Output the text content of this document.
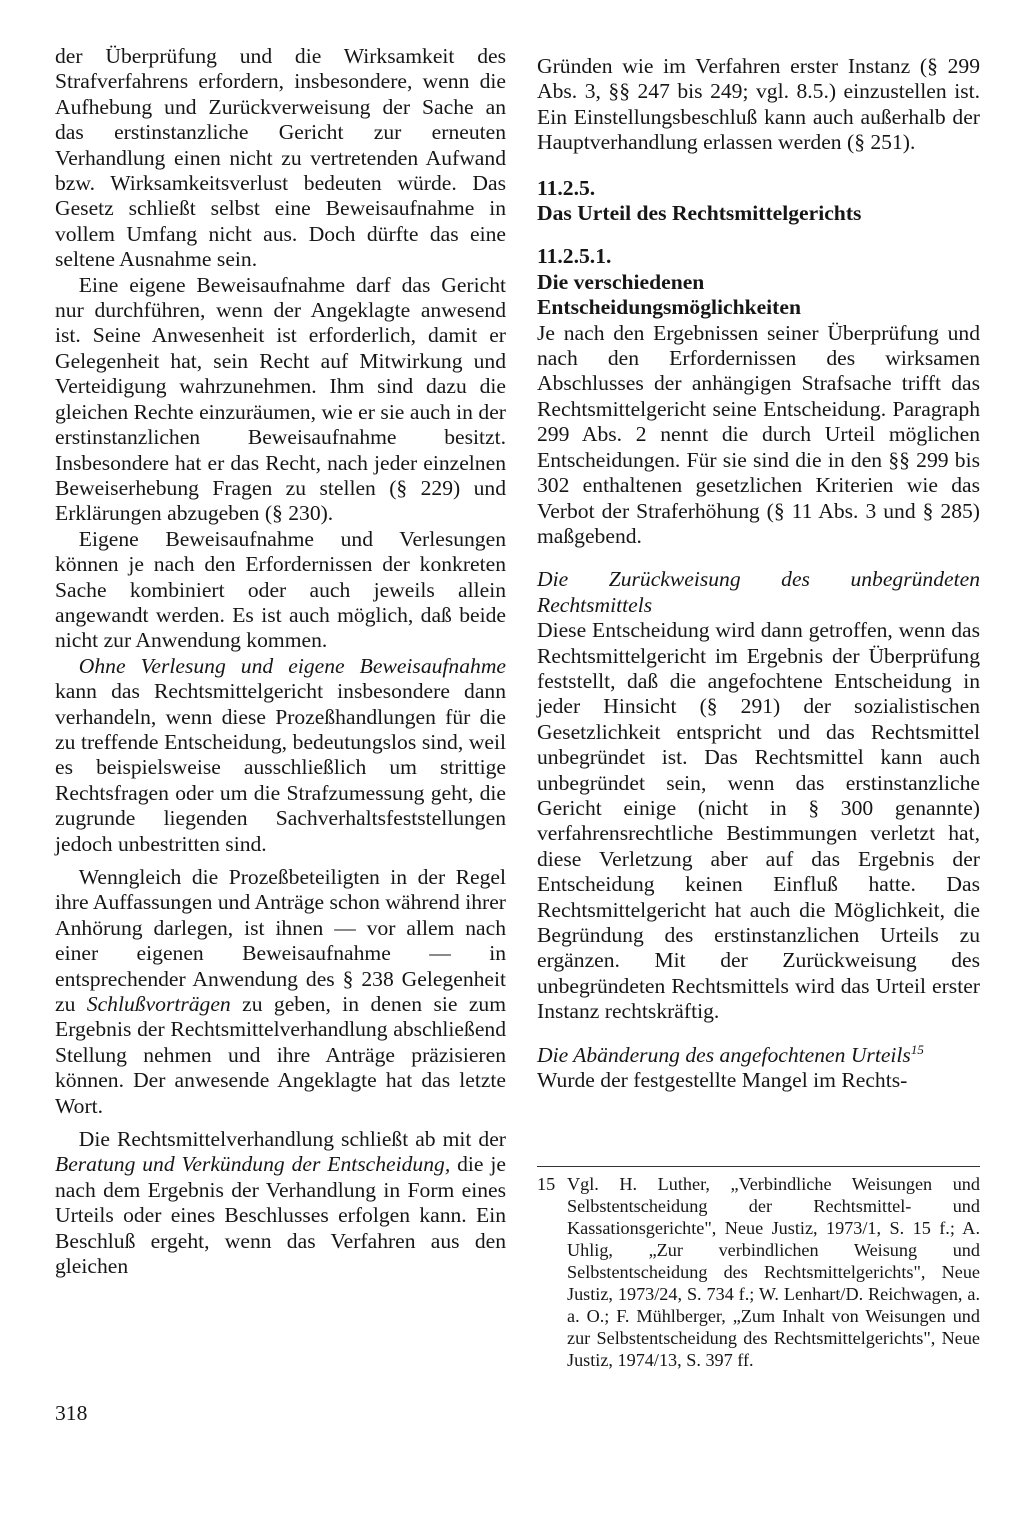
der Überprüfung und die Wirksamkeit des Strafverfahrens erfordern, insbesondere, wenn die Aufhebung und Zurückverweisung der Sache an das erstinstanzliche Gericht zur erneuten Verhandlung einen nicht zu vertretenden Aufwand bzw. Wirksamkeitsverlust bedeuten würde. Das Gesetz schließt selbst eine Beweisaufnahme in vollem Umfang nicht aus. Doch dürfte das eine seltene Ausnahme sein.

Eine eigene Beweisaufnahme darf das Gericht nur durchführen, wenn der Angeklagte anwesend ist. Seine Anwesenheit ist erforderlich, damit er Gelegenheit hat, sein Recht auf Mitwirkung und Verteidigung wahrzunehmen. Ihm sind dazu die gleichen Rechte einzuräumen, wie er sie auch in der erstinstanzlichen Beweisaufnahme besitzt. Insbesondere hat er das Recht, nach jeder einzelnen Beweiserhebung Fragen zu stellen (§ 229) und Erklärungen abzugeben (§ 230).

Eigene Beweisaufnahme und Verlesungen können je nach den Erfordernissen der konkreten Sache kombiniert oder auch jeweils allein angewandt werden. Es ist auch möglich, daß beide nicht zur Anwendung kommen.

Ohne Verlesung und eigene Beweisaufnahme kann das Rechtsmittelgericht insbesondere dann verhandeln, wenn diese Prozeßhandlungen für die zu treffende Entscheidung, bedeutungslos sind, weil es beispielsweise ausschließlich um strittige Rechtsfragen oder um die Strafzumessung geht, die zugrunde liegenden Sachverhaltsfeststellungen jedoch unbestritten sind.

Wenngleich die Prozeßbeteiligten in der Regel ihre Auffassungen und Anträge schon während ihrer Anhörung darlegen, ist ihnen — vor allem nach einer eigenen Beweisaufnahme — in entsprechender Anwendung des § 238 Gelegenheit zu Schlußvorträgen zu geben, in denen sie zum Ergebnis der Rechtsmittelverhandlung abschließend Stellung nehmen und ihre Anträge präzisieren können. Der anwesende Angeklagte hat das letzte Wort.

Die Rechtsmittelverhandlung schließt ab mit der Beratung und Verkündung der Entscheidung, die je nach dem Ergebnis der Verhandlung in Form eines Urteils oder eines Beschlusses erfolgen kann. Ein Beschluß ergeht, wenn das Verfahren aus den gleichen

Gründen wie im Verfahren erster Instanz (§ 299 Abs. 3, §§ 247 bis 249; vgl. 8.5.) einzustellen ist. Ein Einstellungsbeschluß kann auch außerhalb der Hauptverhandlung erlassen werden (§ 251).

11.2.5.
Das Urteil des Rechtsmittelgerichts
11.2.5.1.
Die verschiedenen
Entscheidungsmöglichkeiten

Je nach den Ergebnissen seiner Überprüfung und nach den Erfordernissen des wirksamen Abschlusses der anhängigen Strafsache trifft das Rechtsmittelgericht seine Entscheidung. Paragraph 299 Abs. 2 nennt die durch Urteil möglichen Entscheidungen. Für sie sind die in den §§ 299 bis 302 enthaltenen gesetzlichen Kriterien wie das Verbot der Straferhöhung (§ 11 Abs. 3 und § 285) maßgebend.

Die Zurückweisung des unbegründeten Rechtsmittels

Diese Entscheidung wird dann getroffen, wenn das Rechtsmittelgericht im Ergebnis der Überprüfung feststellt, daß die angefochtene Entscheidung in jeder Hinsicht (§ 291) der sozialistischen Gesetzlichkeit entspricht und das Rechtsmittel unbegründet ist. Das Rechtsmittel kann auch unbegründet sein, wenn das erstinstanzliche Gericht einige (nicht in § 300 genannte) verfahrensrechtliche Bestimmungen verletzt hat, diese Verletzung aber auf das Ergebnis der Entscheidung keinen Einfluß hatte. Das Rechtsmittelgericht hat auch die Möglichkeit, die Begründung des erstinstanzlichen Urteils zu ergänzen. Mit der Zurückweisung des unbegründeten Rechtsmittels wird das Urteil erster Instanz rechtskräftig.

Die Abänderung des angefochtenen Urteils$^{15}$

Wurde der festgestellte Mangel im Rechts-

15 Vgl. H. Luther, „Verbindliche Weisungen und Selbstentscheidung der Rechtsmittel- und Kassationsgerichte", Neue Justiz, 1973/1, S. 15 f.; A. Uhlig, „Zur verbindlichen Weisung und Selbstentscheidung des Rechtsmittelgerichts", Neue Justiz, 1973/24, S. 734 f.; W. Lenhart/D. Reichwagen, a. a. O.; F. Mühlberger, „Zum Inhalt von Weisungen und zur Selbstentscheidung des Rechtsmittelgerichts", Neue Justiz, 1974/13, S. 397 ff.
318
